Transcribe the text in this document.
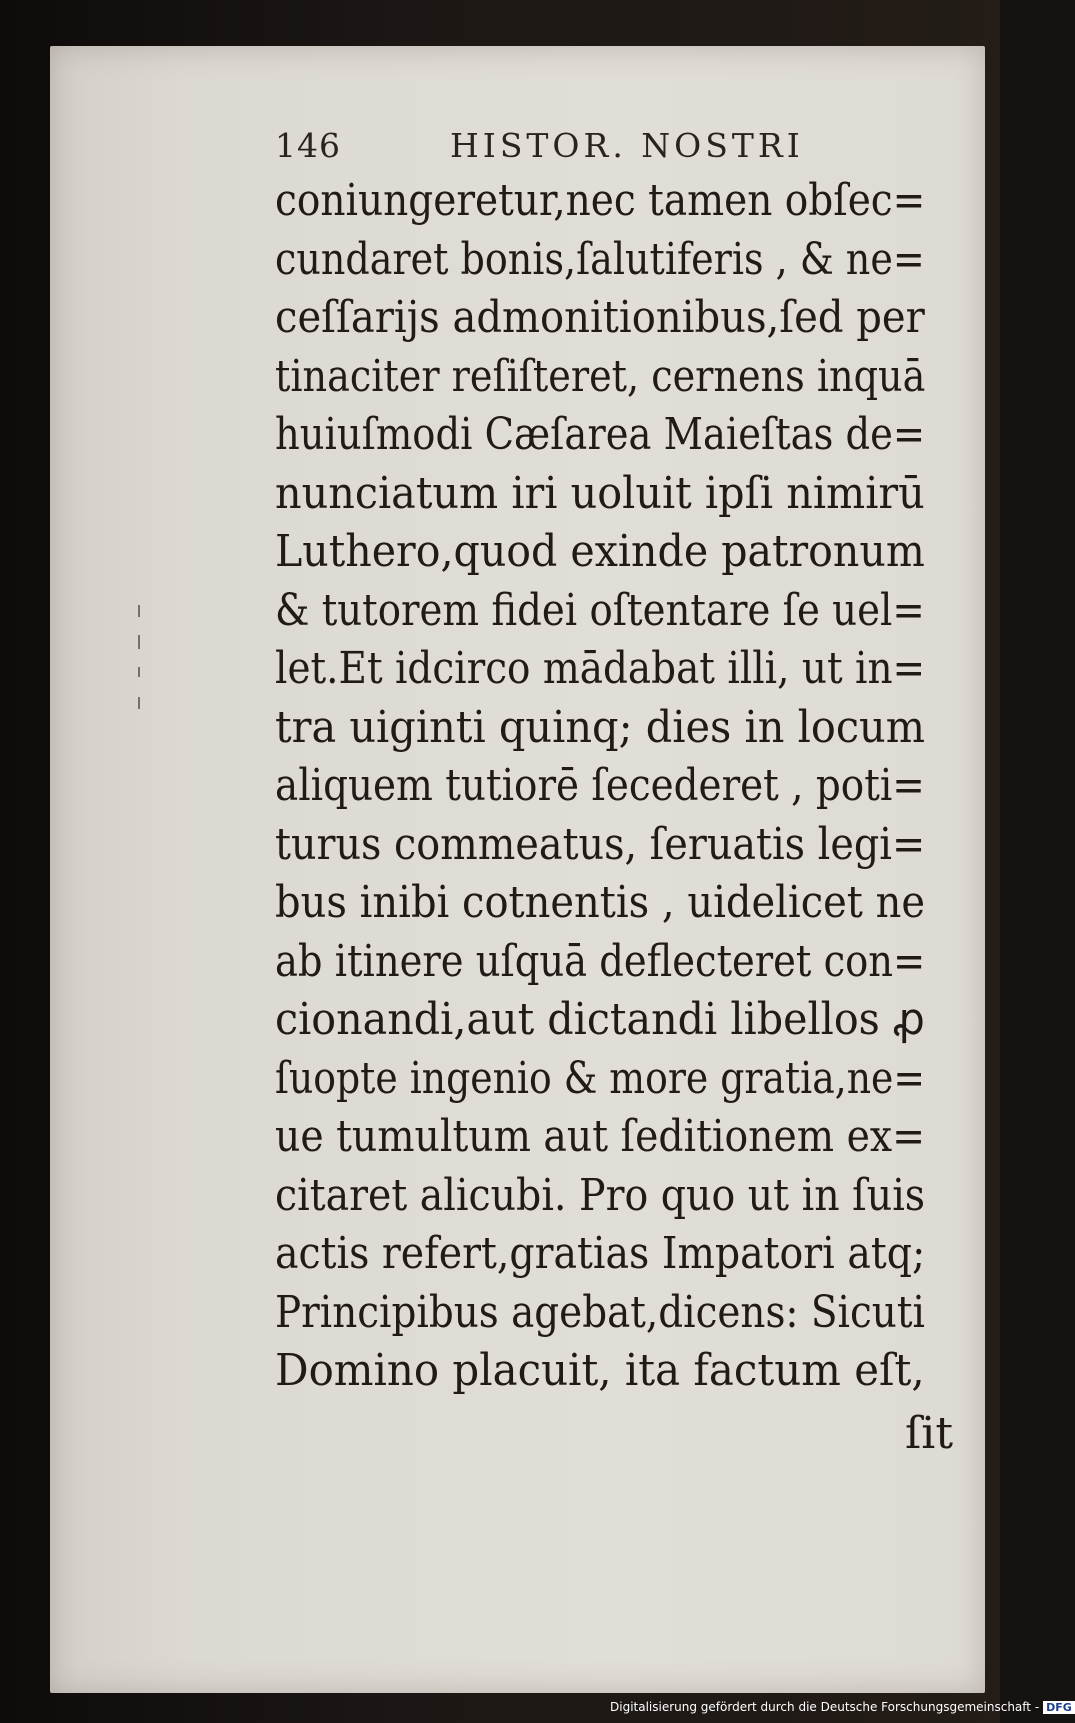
146	HISTOR. NOSTRI
coniungeretur,nec tamen obſec=
cundaret bonis,ſalutiferis , & ne=
ceſſarijs admonitionibus,ſed per
tinaciter reſiſteret, cernens inquā
huiuſmodi Cæſarea Maieſtas de=
nunciatum iri uoluit ipſi nimirū
Luthero,quod exinde patronum
& tutorem fidei oſtentare ſe uel=
let.Et idcirco mādabat illi, ut in=
tra uiginti quinq; dies in locum
aliquem tutiorē ſecederet , poti=
turus commeatus, ſeruatis legi=
bus inibi cotnentis , uidelicet ne
ab itinere uſquā deflecteret con=
cionandi,aut dictandi libellos ꝓ
ſuopte ingenio & more gratia,ne=
ue tumultum aut ſeditionem ex=
citaret alicubi. Pro quo ut in ſuis
actis refert,gratias Impatori atq;
Principibus agebat,dicens: Sicuti
Domino placuit, ita factum eſt,
ſit
Digitalisierung gefördert durch die Deutsche Forschungsgemeinschaft - DFG
